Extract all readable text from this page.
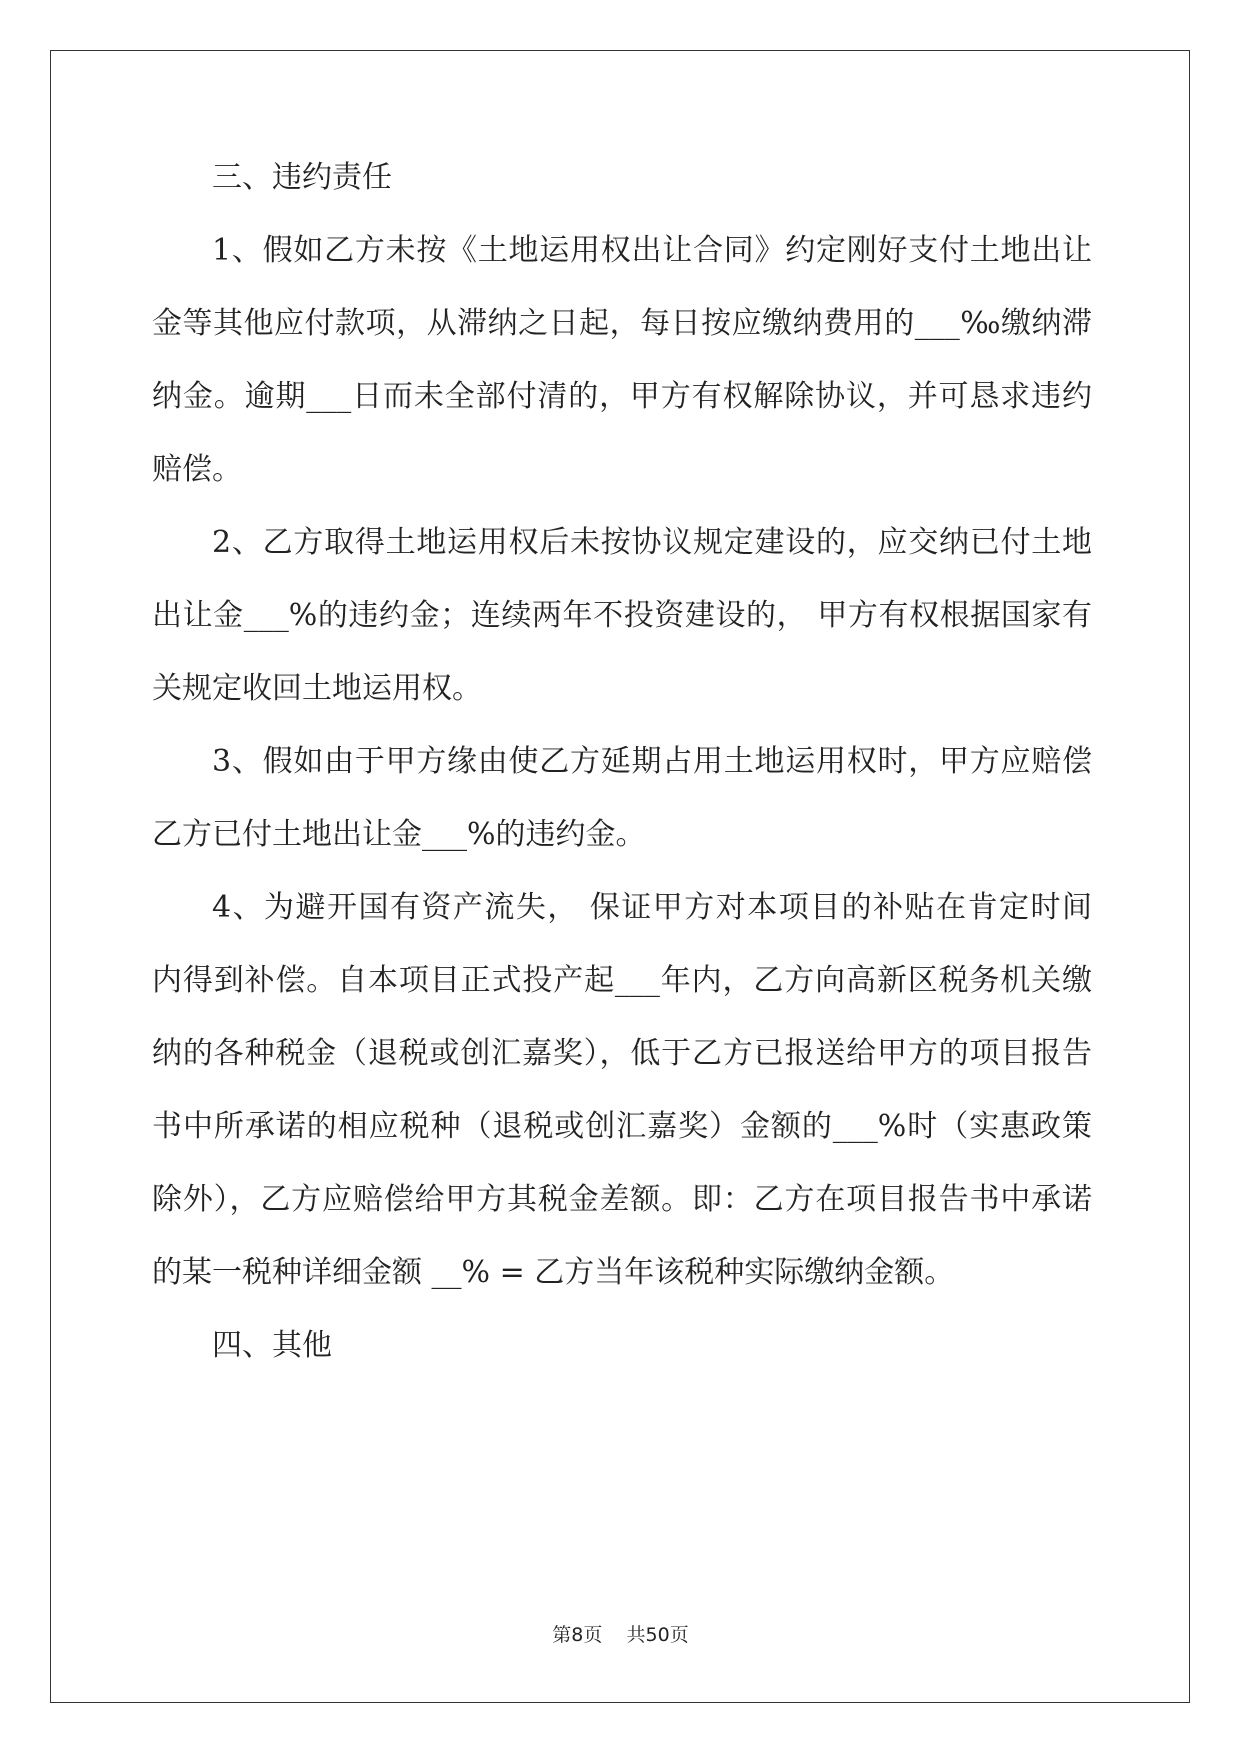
三、违约责任
1、假如乙方未按《土地运用权出让合同》约定刚好支付土地出让
金等其他应付款项，从滞纳之日起，每日按应缴纳费用的___‰缴纳滞
纳金。逾期___日而未全部付清的，甲方有权解除协议，并可恳求违约
赔偿。
2、乙方取得土地运用权后未按协议规定建设的，应交纳已付土地
出让金___%的违约金；连续两年不投资建设的， 甲方有权根据国家有
关规定收回土地运用权。
3、假如由于甲方缘由使乙方延期占用土地运用权时，甲方应赔偿
乙方已付土地出让金___%的违约金。
4、为避开国有资产流失， 保证甲方对本项目的补贴在肯定时间
内得到补偿。自本项目正式投产起___年内，乙方向高新区税务机关缴
纳的各种税金（退税或创汇嘉奖），低于乙方已报送给甲方的项目报告
书中所承诺的相应税种（退税或创汇嘉奖）金额的___%时（实惠政策
除外），乙方应赔偿给甲方其税金差额。即：乙方在项目报告书中承诺
的某一税种详细金额 __% = 乙方当年该税种实际缴纳金额。
四、其他
第8页 共50页
